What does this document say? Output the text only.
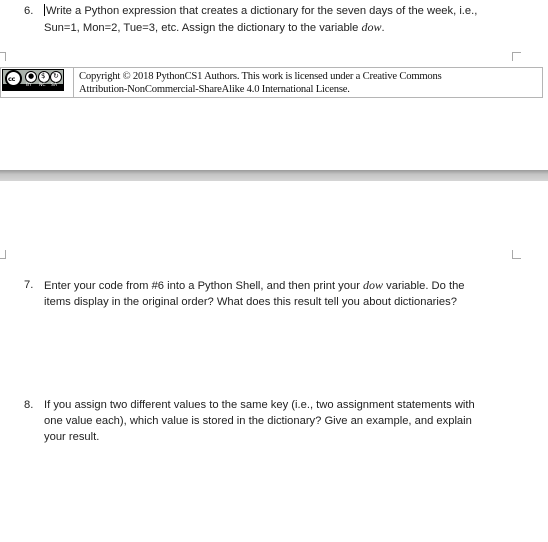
6. Write a Python expression that creates a dictionary for the seven days of the week, i.e.,
Sun=1, Mon=2, Tue=3, etc. Assign the dictionary to the variable dow.
cc ● $ ↻
BY NC SA
Copyright © 2018 PythonCS1 Authors. This work is licensed under a Creative Commons
Attribution-NonCommercial-ShareAlike 4.0 International License.
7. Enter your code from #6 into a Python Shell, and then print your dow variable. Do the
items display in the original order? What does this result tell you about dictionaries?
8. If you assign two different values to the same key (i.e., two assignment statements with
one value each), which value is stored in the dictionary? Give an example, and explain
your result.
